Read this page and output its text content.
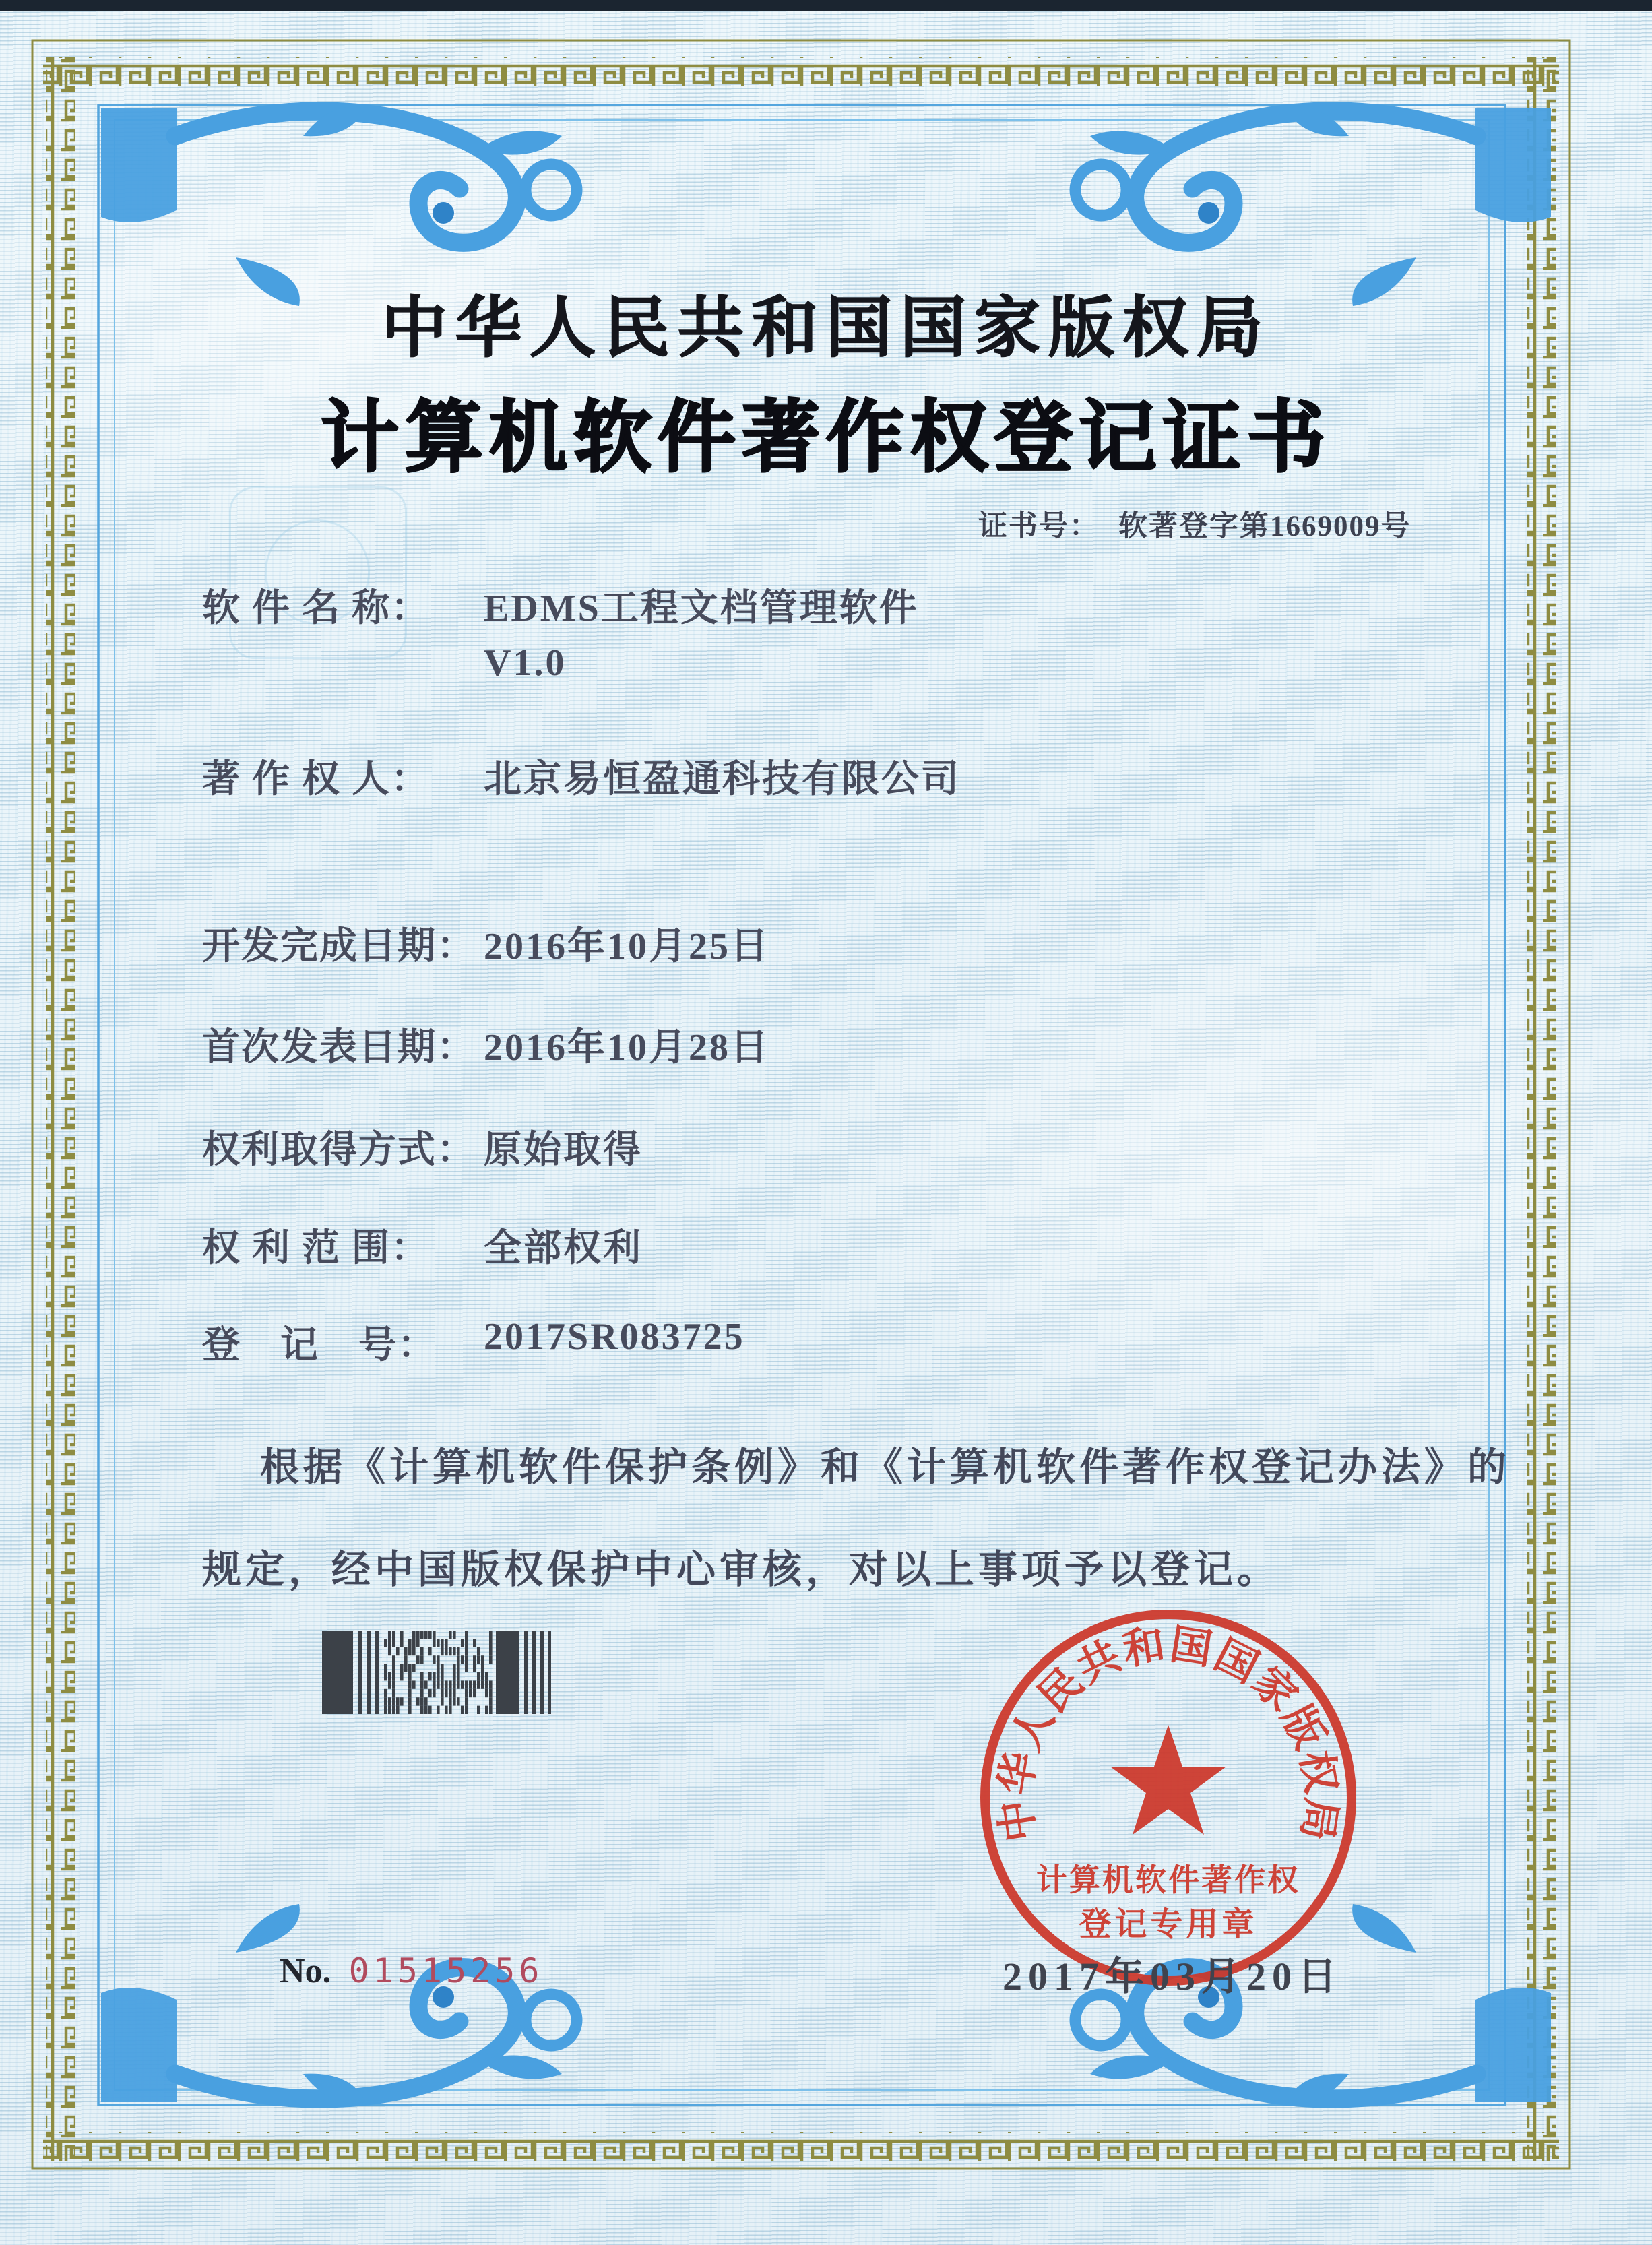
中华人民共和国国家版权局
计算机软件著作权登记证书
证书号： 软著登字第1669009号
软 件 名 称： EDMS工程文档管理软件
V1.0
著 作 权 人： 北京易恒盈通科技有限公司
开发完成日期： 2016年10月25日
首次发表日期： 2016年10月28日
权利取得方式： 原始取得
权 利 范 围： 全部权利
登　记　号： 2017SR083725
根据《计算机软件保护条例》和《计算机软件著作权登记办法》的
规定，经中国版权保护中心审核，对以上事项予以登记。
中华人民共和国国家版权局
计算机软件著作权
登记专用章
2017年03月20日
No. 01515256
